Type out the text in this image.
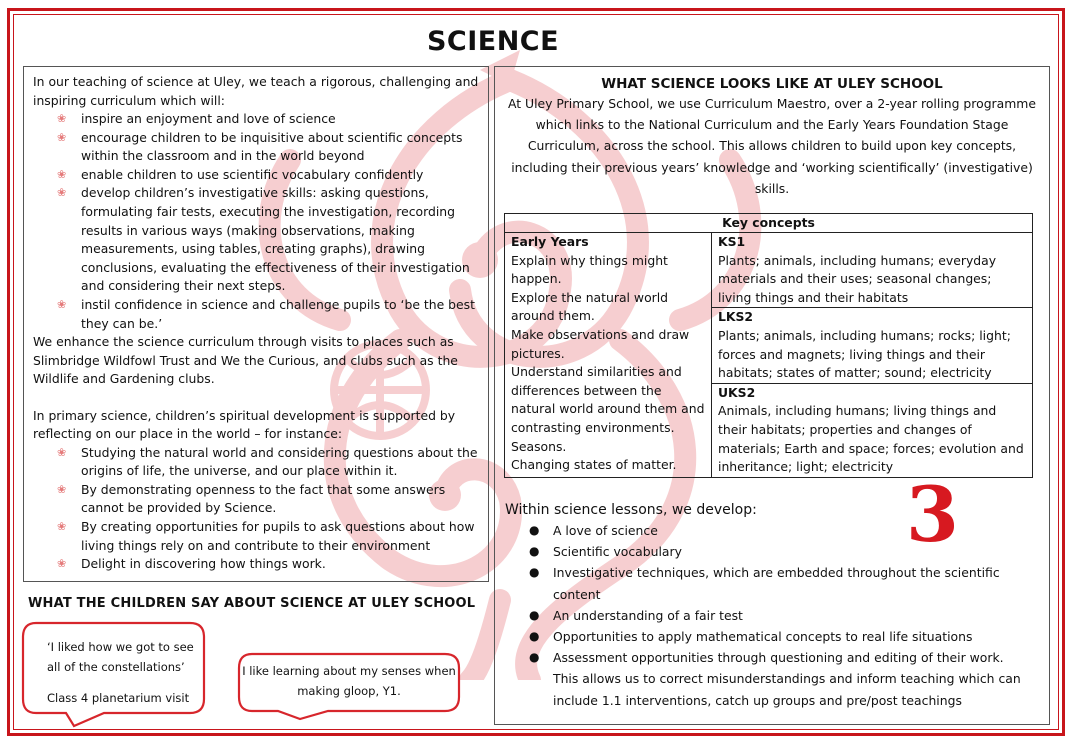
SCIENCE

In our teaching of science at Uley, we teach a rigorous, challenging and inspiring curriculum which will:

❀ inspire an enjoyment and love of science
❀ encourage children to be inquisitive about scientific concepts within the classroom and in the world beyond
❀ enable children to use scientific vocabulary confidently
❀ develop children’s investigative skills: asking questions, formulating fair tests, executing the investigation, recording results in various ways (making observations, making measurements, using tables, creating graphs), drawing conclusions, evaluating the effectiveness of their investigation and considering their next steps.
❀ instil confidence in science and challenge pupils to ‘be the best they can be.’

We enhance the science curriculum through visits to places such as Slimbridge Wildfowl Trust and We the Curious, and clubs such as the Wildlife and Gardening clubs.

In primary science, children’s spiritual development is supported by reflecting on our place in the world – for instance:

❀ Studying the natural world and considering questions about the origins of life, the universe, and our place within it.
❀ By demonstrating openness to the fact that some answers cannot be provided by Science.
❀ By creating opportunities for pupils to ask questions about how living things rely on and contribute to their environment
❀ Delight in discovering how things work.
WHAT THE CHILDREN SAY ABOUT SCIENCE AT ULEY SCHOOL
‘I liked how we got to see
all of the constellations’
Class 4 planetarium visit
I like learning about my senses when
making gloop, Y1.
WHAT SCIENCE LOOKS LIKE AT ULEY SCHOOL

At Uley Primary School, we use Curriculum Maestro, over a 2-year rolling programme which links to the National Curriculum and the Early Years Foundation Stage Curriculum, across the school. This allows children to build upon key concepts, including their previous years’ knowledge and ‘working scientifically’ (investigative) skills.

Key concepts

Early Years
Explain why things might happen.
Explore the natural world around them.
Make observations and draw pictures.
Understand similarities and differences between the natural world around them and contrasting environments.
Seasons.
Changing states of matter.

KS1
Plants; animals, including humans; everyday materials and their uses; seasonal changes; living things and their habitats

LKS2
Plants; animals, including humans; rocks; light; forces and magnets; living things and their habitats; states of matter; sound; electricity

UKS2
Animals, including humans; living things and their habitats; properties and changes of materials; Earth and space; forces; evolution and inheritance; light; electricity

Within science lessons, we develop:

● A love of science
● Scientific vocabulary
● Investigative techniques, which are embedded throughout the scientific content
● An understanding of a fair test
● Opportunities to apply mathematical concepts to real life situations
● Assessment opportunities through questioning and editing of their work. This allows us to correct misunderstandings and inform teaching which can include 1.1 interventions, catch up groups and pre/post teachings
3
